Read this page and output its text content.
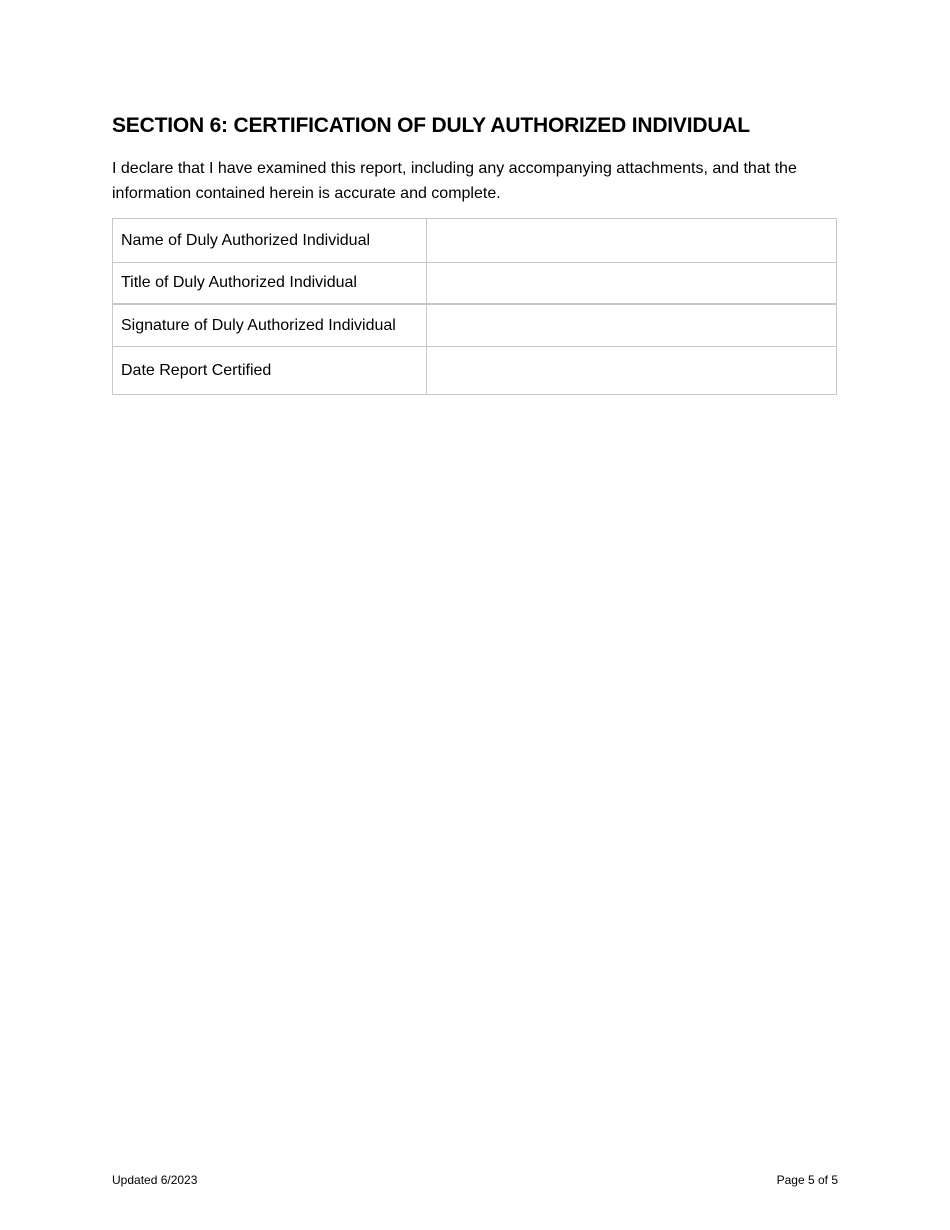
SECTION 6: CERTIFICATION OF DULY AUTHORIZED INDIVIDUAL

I declare that I have examined this report, including any accompanying attachments, and that the information contained herein is accurate and complete.

Name of Duly Authorized Individual	
Title of Duly Authorized Individual	
Signature of Duly Authorized Individual	
Date Report Certified	
Updated 6/2023	Page 5 of 5
